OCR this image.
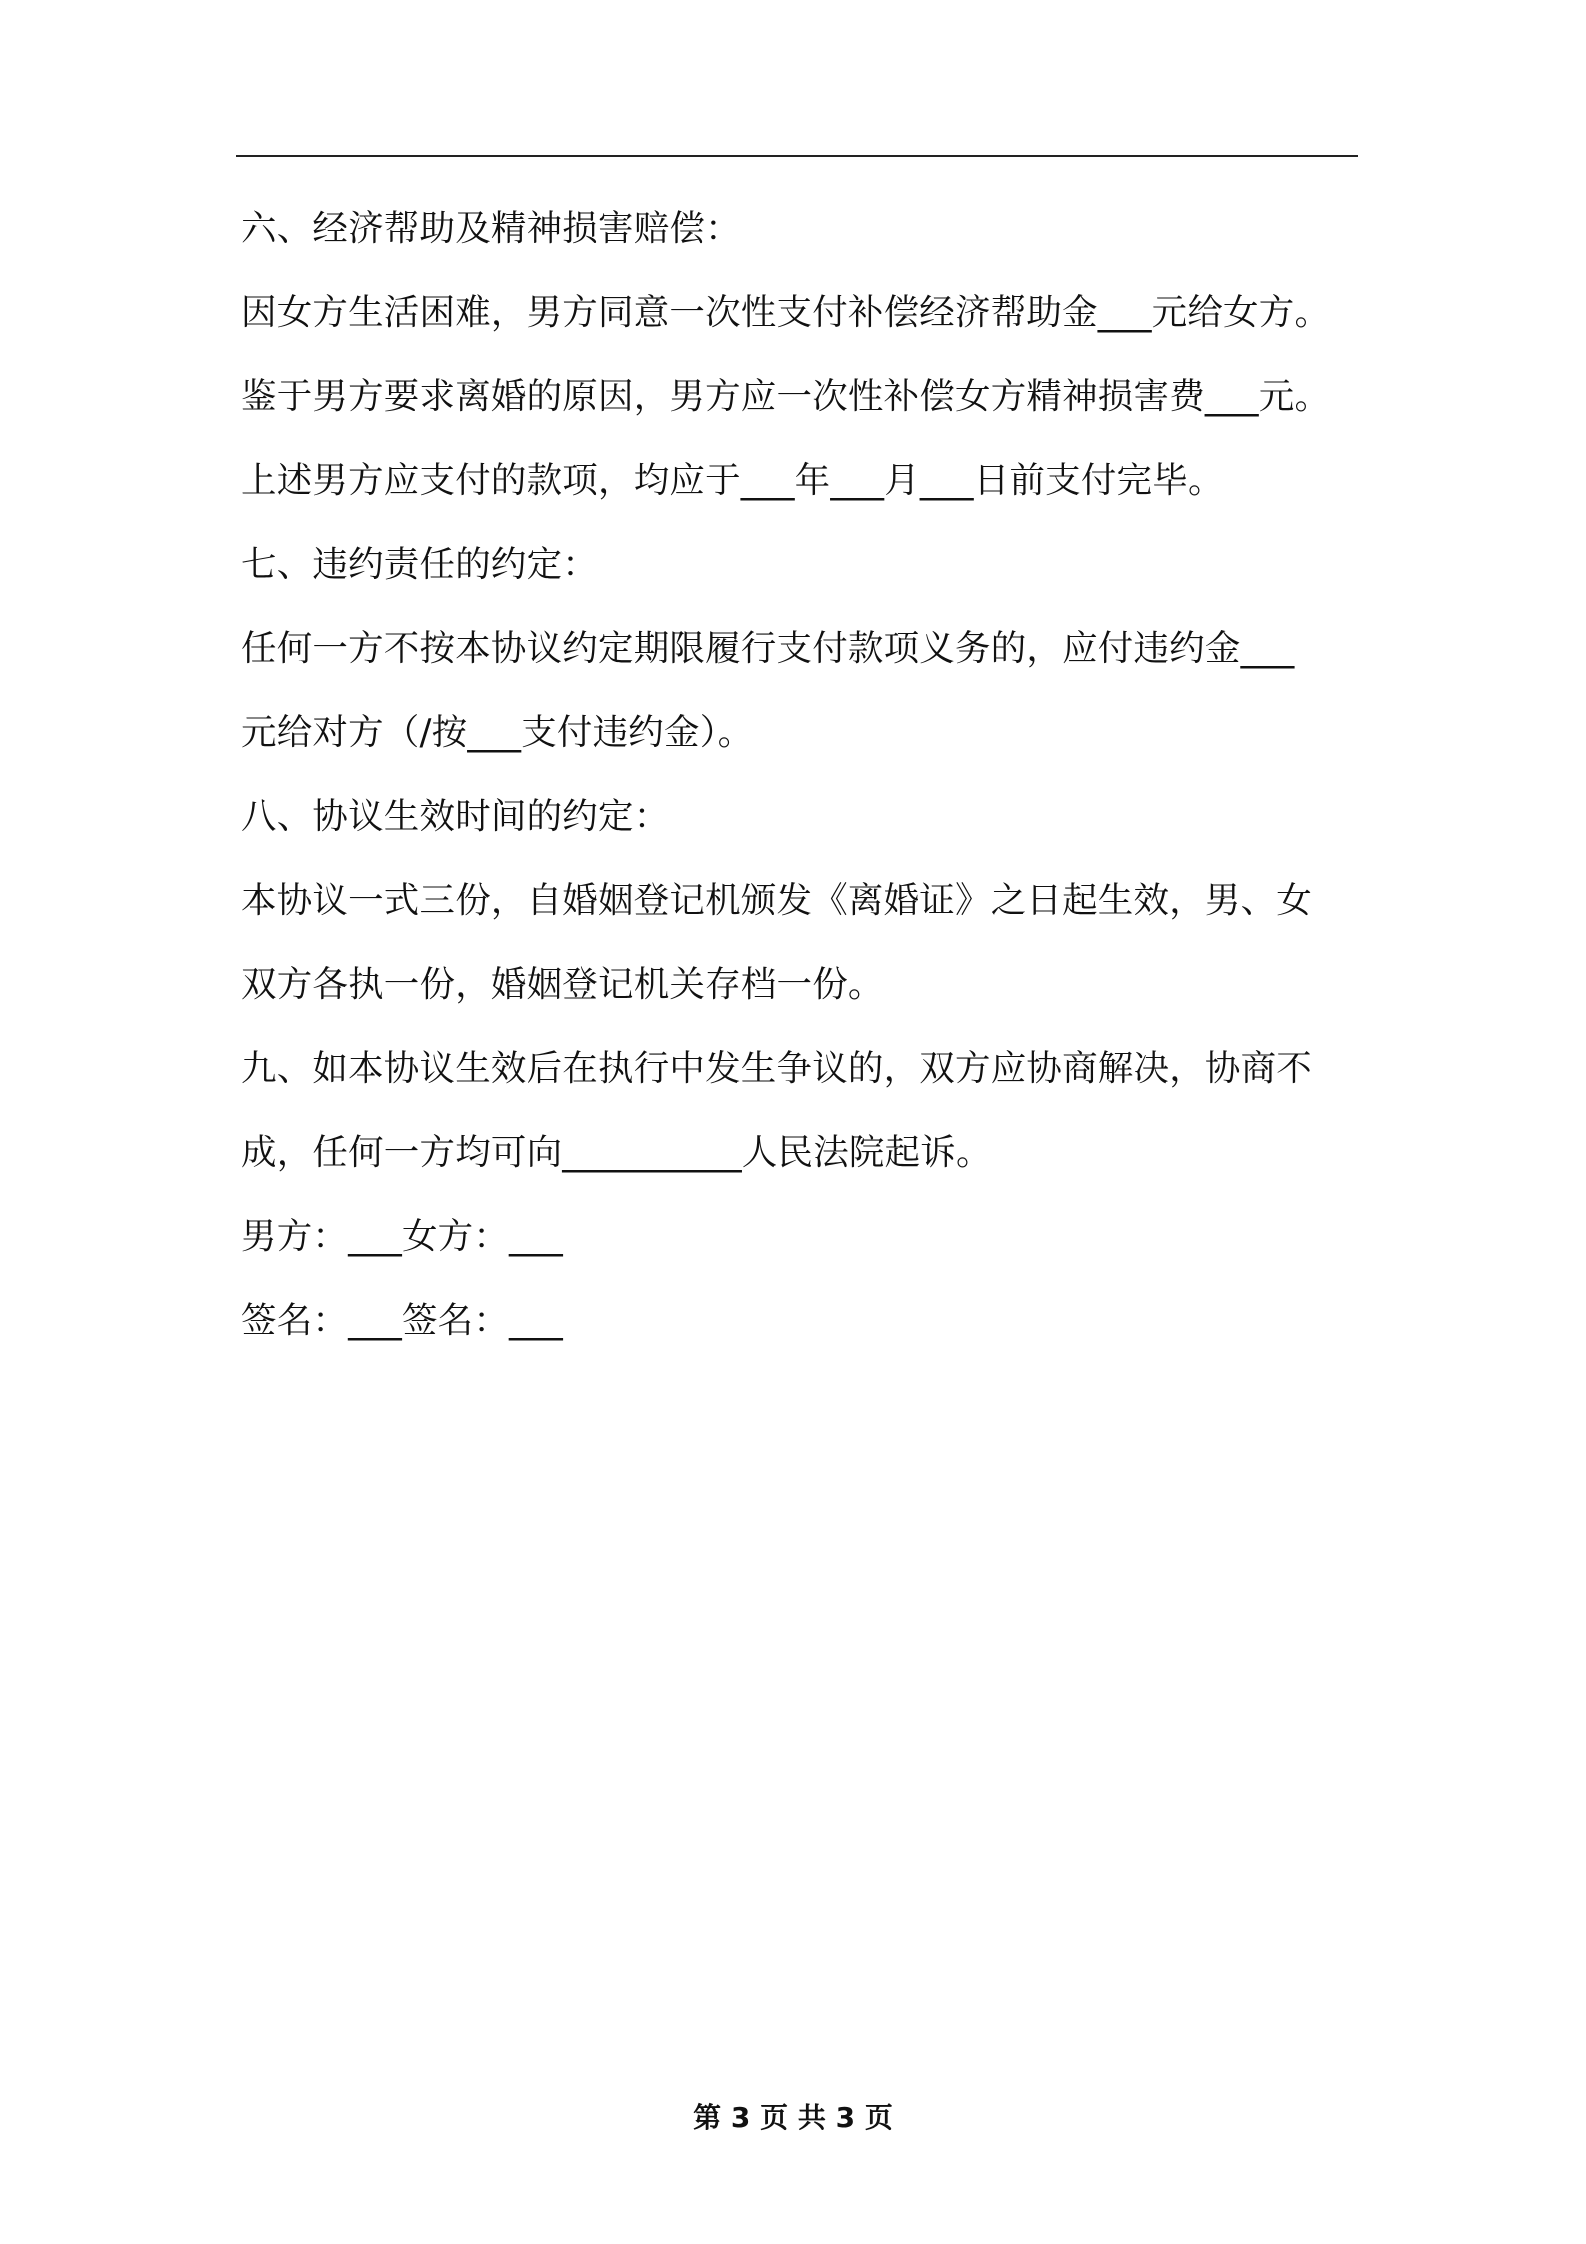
六、经济帮助及精神损害赔偿：
因女方生活困难，男方同意一次性支付补偿经济帮助金___元给女方。
鉴于男方要求离婚的原因，男方应一次性补偿女方精神损害费___元。
上述男方应支付的款项，均应于___年___月___日前支付完毕。
七、违约责任的约定：
任何一方不按本协议约定期限履行支付款项义务的，应付违约金___
元给对方（/按___支付违约金）。
八、协议生效时间的约定：
本协议一式三份，自婚姻登记机颁发《离婚证》之日起生效，男、女
双方各执一份，婚姻登记机关存档一份。
九、如本协议生效后在执行中发生争议的，双方应协商解决，协商不
成，任何一方均可向__________人民法院起诉。
男方：___女方：___
签名：___签名：___
第 3 页 共 3 页
